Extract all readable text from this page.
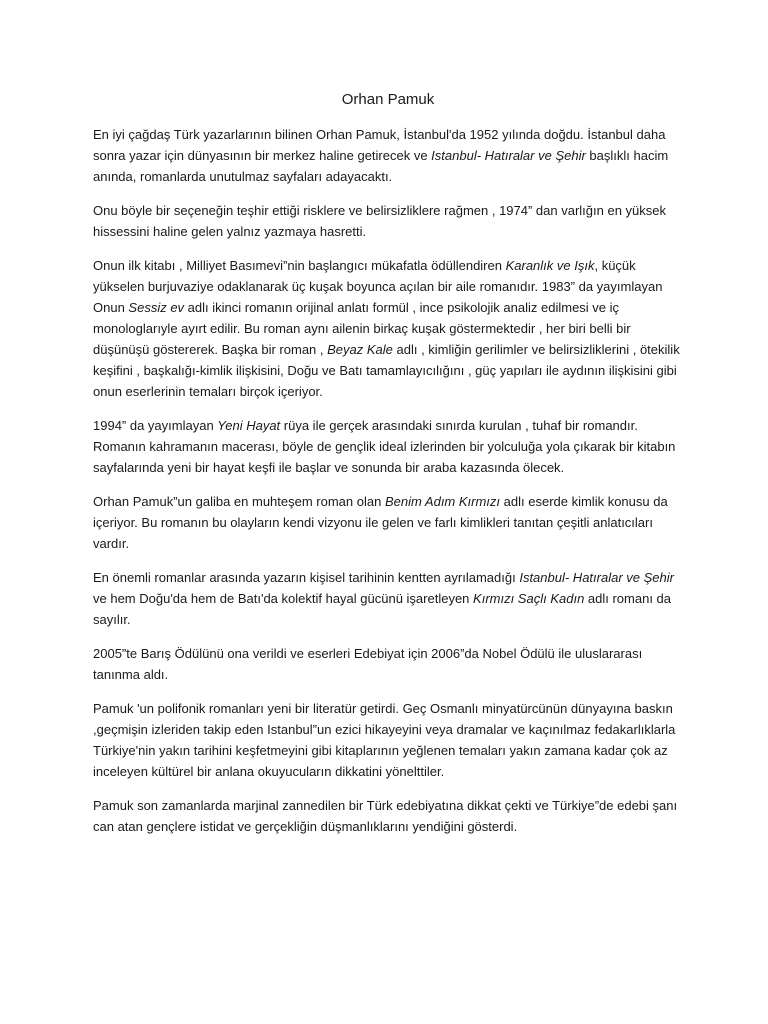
Orhan Pamuk

En iyi çağdaş Türk yazarlarının bilinen Orhan Pamuk, İstanbul'da 1952 yılında doğdu. İstanbul daha sonra yazar için dünyasının bir merkez haline getirecek ve Istanbul- Hatıralar ve Şehir başlıklı hacim anında, romanlarda unutulmaz sayfaları adayacaktı.

Onu böyle bir seçeneğin teşhir ettiği risklere ve belirsizliklere rağmen , 1974” dan varlığın en yüksek hissessini haline gelen yalnız yazmaya hasretti.

Onun ilk kitabı , Milliyet Basımevi”nin başlangıcı mükafatla ödüllendiren Karanlık ve Işık, küçük yükselen burjuvaziye odaklanarak üç kuşak boyunca açılan bir aile romanıdır. 1983” da yayımlayan Onun Sessiz ev adlı ikinci romanın orijinal anlatı formül , ince psikolojik analiz edilmesi ve iç monologlarıyle ayırt edilir. Bu roman aynı ailenin birkaç kuşak göstermektedir , her biri belli bir düşünüşü göstererek. Başka bir roman , Beyaz Kale adlı , kimliğin gerilimler ve belirsizliklerini , ötekilik keşifini , başkalığı-kimlik ilişkisini, Doğu ve Batı tamamlayıcılığını , güç yapıları ile aydının ilişkisini gibi onun eserlerinin temaları birçok içeriyor.

1994” da yayımlayan Yeni Hayat rüya ile gerçek arasındaki sınırda kurulan , tuhaf bir romandır. Romanın kahramanın macerası, böyle de gençlik ideal izlerinden bir yolculuğa yola çıkarak bir kitabın sayfalarında yeni bir hayat keşfi ile başlar ve sonunda bir araba kazasında ölecek.

Orhan Pamuk”un galiba en muhteşem roman olan Benim Adım Kırmızı adlı eserde kimlik konusu da içeriyor. Bu romanın bu olayların kendi vizyonu ile gelen ve farlı kimlikleri tanıtan çeşitli anlatıcıları vardır.

En önemli romanlar arasında yazarın kişisel tarihinin kentten ayrılamadığı Istanbul- Hatıralar ve Şehir ve hem Doğu'da hem de Batı'da kolektif hayal gücünü işaretleyen Kırmızı Saçlı Kadın adlı romanı da sayılır.

2005”te Barış Ödülünü ona verildi ve eserleri Edebiyat için 2006”da Nobel Ödülü ile uluslararası tanınma aldı.

Pamuk 'un polifonik romanları yeni bir literatür getirdi. Geç Osmanlı minyatürcünün dünyayına baskın ,geçmişin izleriden takip eden Istanbul”un ezici hikayeyini veya dramalar ve kaçınılmaz fedakarlıklarla Türkiye'nin yakın tarihini keşfetmeyini gibi kitaplarının yeğlenen temaları yakın zamana kadar çok az inceleyen kültürel bir anlana okuyucuların dikkatini yönelttiler.

Pamuk son zamanlarda marjinal zannedilen bir Türk edebiyatına dikkat çekti ve Türkiye”de edebi şanı can atan gençlere istidat ve gerçekliğin düşmanlıklarını yendiğini gösterdi.
